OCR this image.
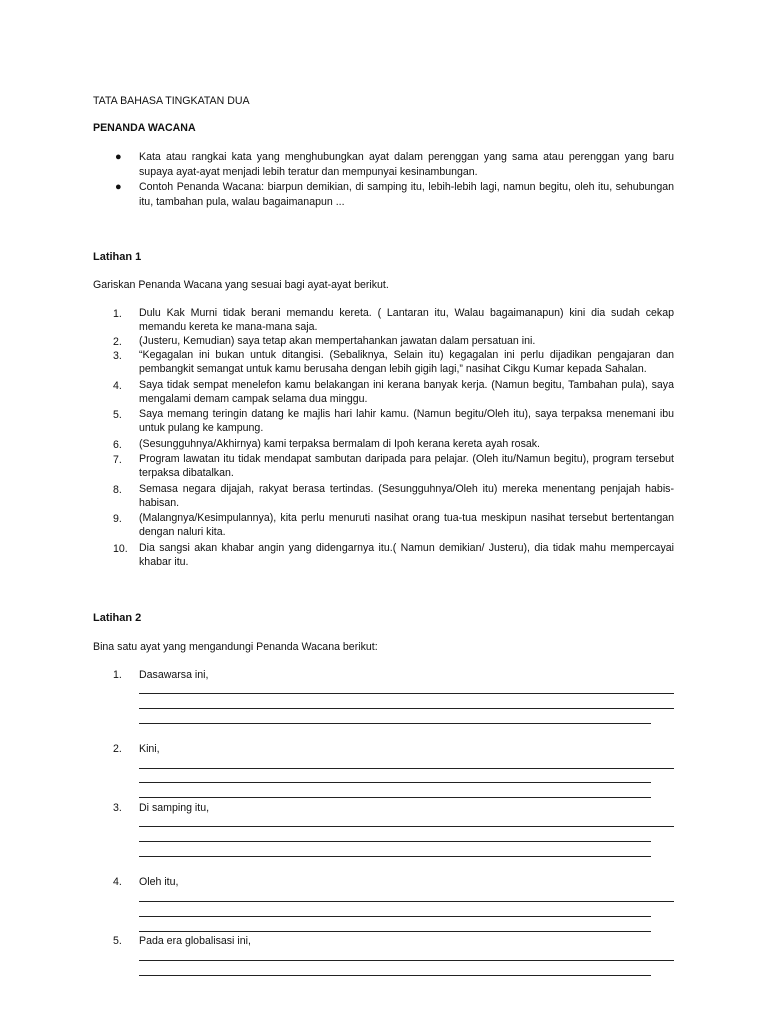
TATA BAHASA TINGKATAN DUA
PENANDA WACANA
● Kata atau rangkai kata yang menghubungkan ayat dalam perenggan yang sama atau perenggan yang baru supaya ayat-ayat menjadi lebih teratur dan mempunyai kesinambungan.
● Contoh Penanda Wacana: biarpun demikian, di samping itu, lebih-lebih lagi, namun begitu, oleh itu, sehubungan itu, tambahan pula, walau bagaimanapun ...
Latihan 1
Gariskan Penanda Wacana yang sesuai bagi ayat-ayat berikut.
1.	Dulu Kak Murni tidak berani memandu kereta. ( Lantaran itu, Walau bagaimanapun) kini dia sudah cekap memandu kereta ke mana-mana saja.
2.	(Justeru, Kemudian) saya tetap akan mempertahankan jawatan dalam persatuan ini.
3.	“Kegagalan ini bukan untuk ditangisi. (Sebaliknya, Selain itu) kegagalan ini perlu dijadikan pengajaran dan pembangkit semangat untuk kamu berusaha dengan lebih gigih lagi,” nasihat Cikgu Kumar kepada Sahalan.
4.	Saya tidak sempat menelefon kamu belakangan ini kerana banyak kerja. (Namun begitu, Tambahan pula), saya mengalami demam campak selama dua minggu.
5.	Saya memang teringin datang ke majlis hari lahir kamu. (Namun begitu/Oleh itu), saya terpaksa menemani ibu untuk pulang ke kampung.
6.	(Sesungguhnya/Akhirnya) kami terpaksa bermalam di Ipoh kerana kereta ayah rosak.
7.	Program lawatan itu tidak mendapat sambutan daripada para pelajar. (Oleh itu/Namun begitu), program tersebut terpaksa dibatalkan.
8.	Semasa negara dijajah, rakyat berasa tertindas. (Sesungguhnya/Oleh itu) mereka menentang penjajah habis-habisan.
9.	(Malangnya/Kesimpulannya), kita perlu menuruti nasihat orang tua-tua meskipun nasihat tersebut bertentangan dengan naluri kita.
10.	Dia sangsi akan khabar angin yang didengarnya itu.( Namun demikian/ Justeru), dia tidak mahu mempercayai khabar itu.
Latihan 2
Bina satu ayat yang mengandungi Penanda Wacana berikut:
1. Dasawarsa ini,
2. Kini,
3. Di samping itu,
4. Oleh itu,
5. Pada era globalisasi ini,
